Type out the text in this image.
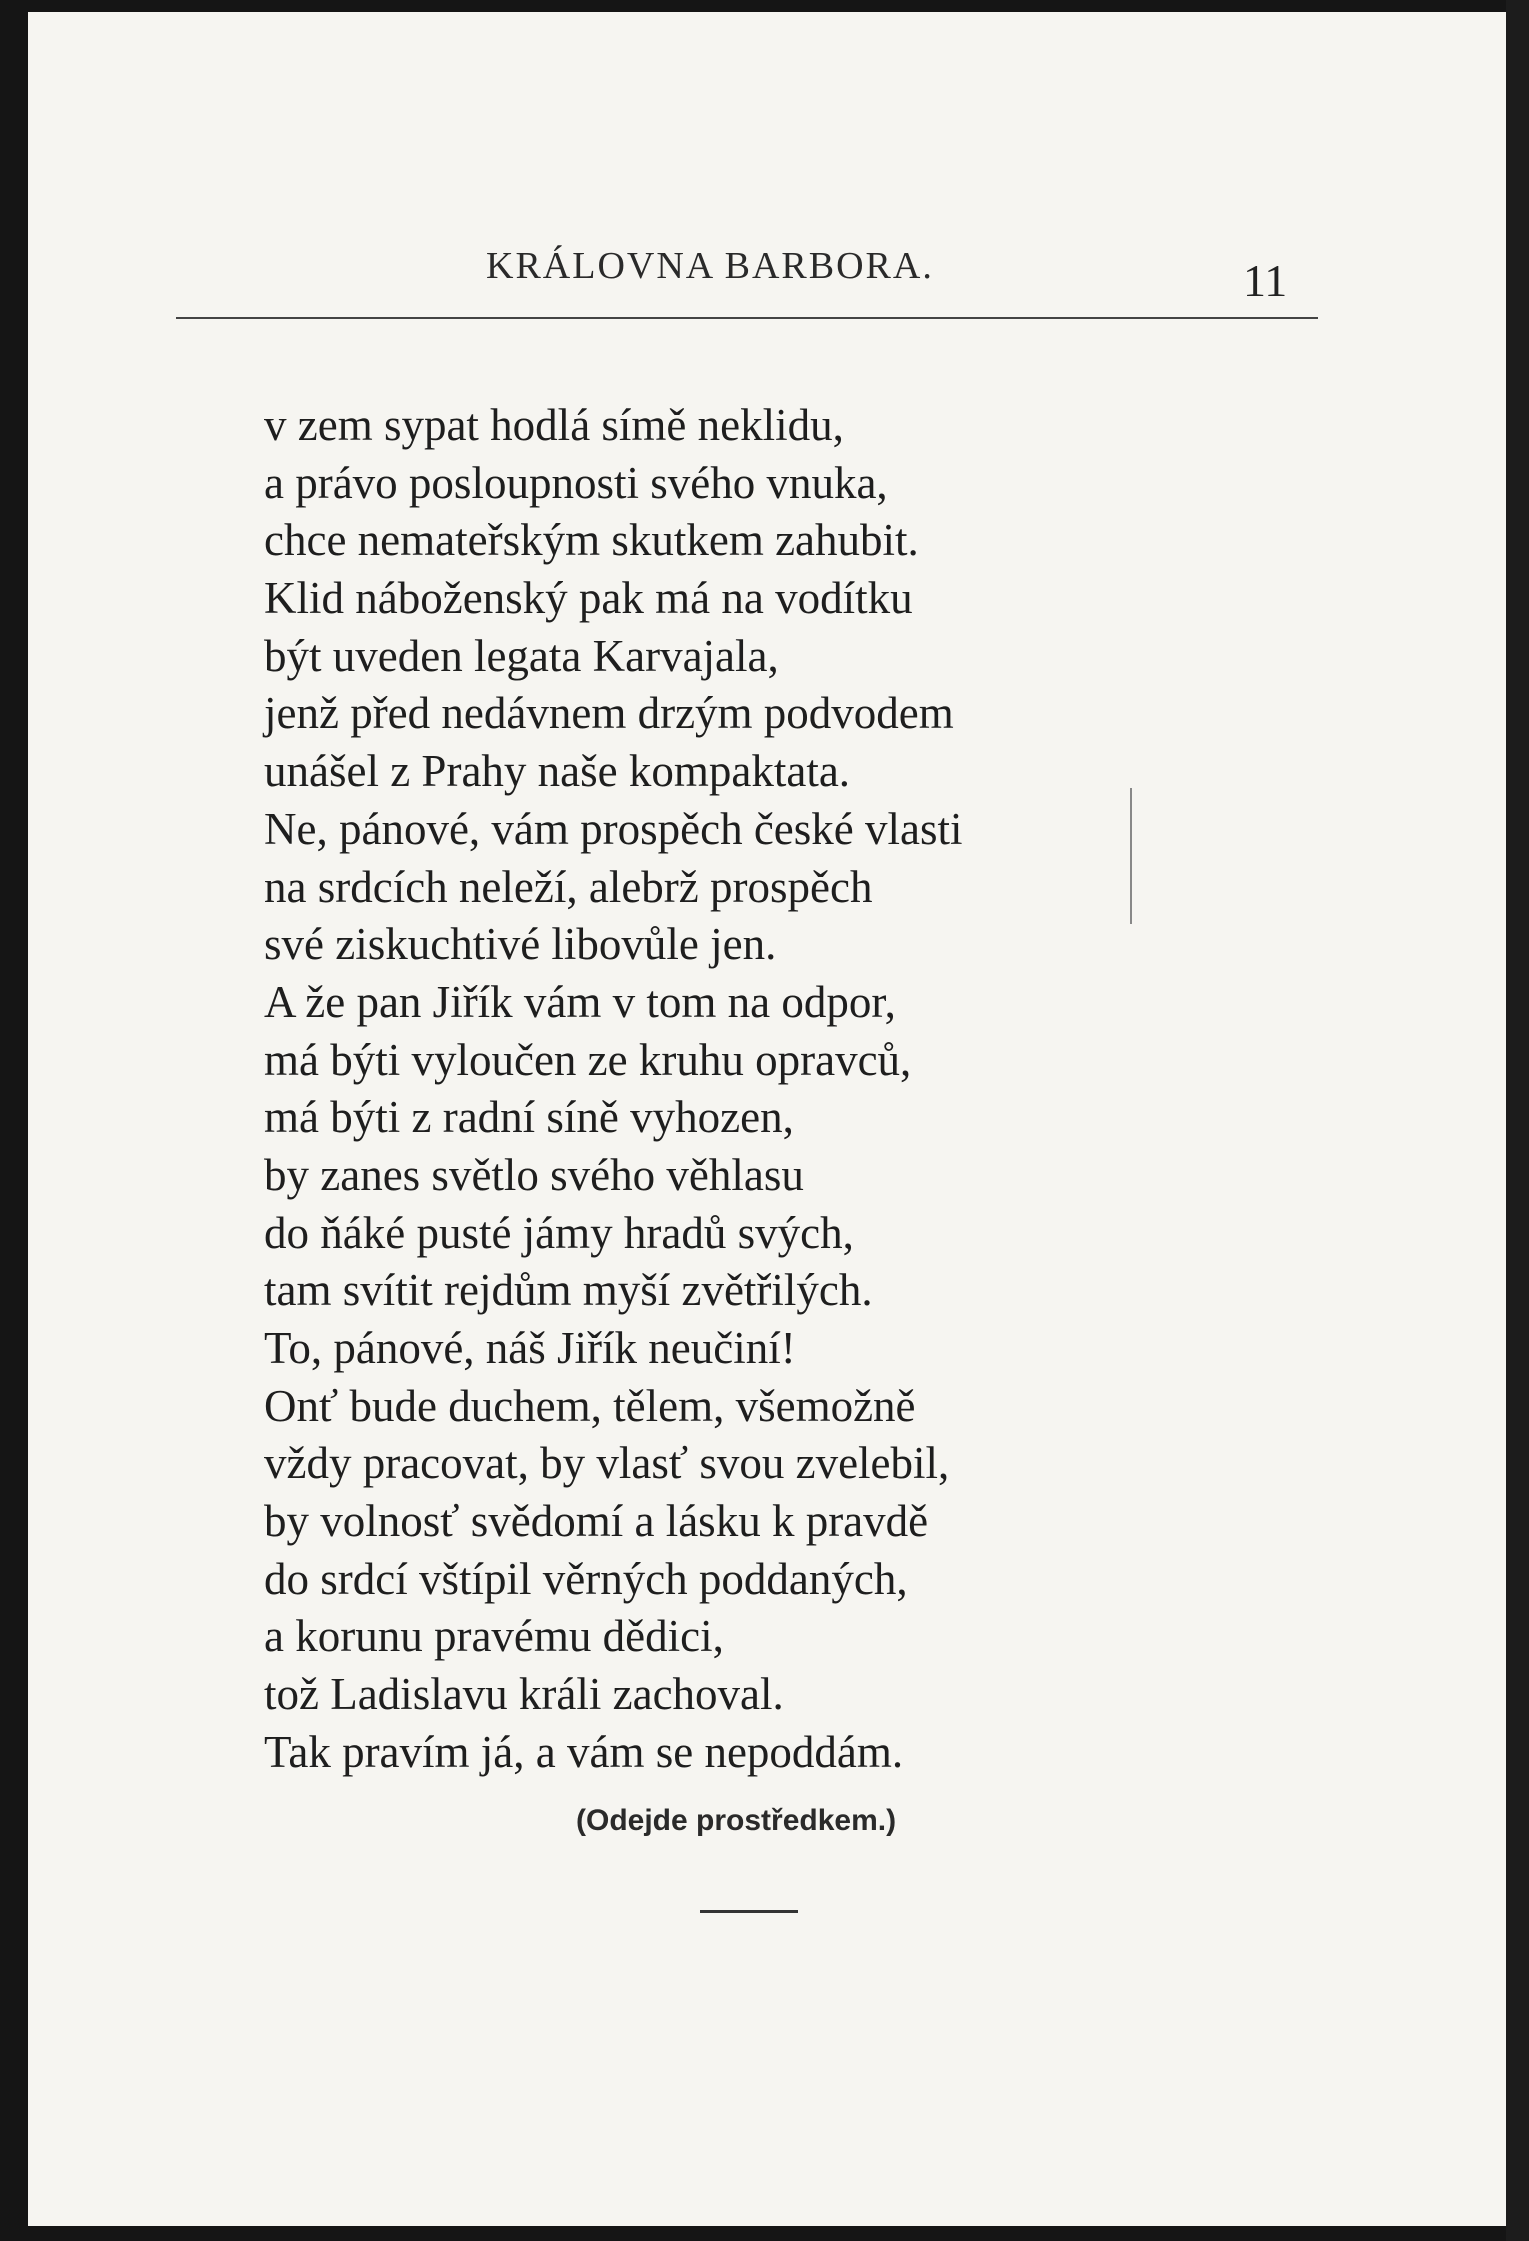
KRÁLOVNA BARBORA.	11
v zem sypat hodlá símě neklidu,
a právo posloupnosti svého vnuka,
chce nemateřským skutkem zahubit.
Klid náboženský pak má na vodítku
být uveden legata Karvajala,
jenž před nedávnem drzým podvodem
unášel z Prahy naše kompaktata.
Ne, pánové, vám prospěch české vlasti
na srdcích neleží, alebrž prospěch
své ziskuchtivé libovůle jen.
A že pan Jiřík vám v tom na odpor,
má býti vyloučen ze kruhu opravců,
má býti z radní síně vyhozen,
by zanes světlo svého věhlasu
do ňáké pusté jámy hradů svých,
tam svítit rejdům myší zvětřilých.
To, pánové, náš Jiřík neučiní!
Onť bude duchem, tělem, všemožně
vždy pracovat, by vlasť svou zvelebil,
by volnosť svědomí a lásku k pravdě
do srdcí vštípil věrných poddaných,
a korunu pravému dědici,
tož Ladislavu králi zachoval.
Tak pravím já, a vám se nepoddám.
(Odejde prostředkem.)
